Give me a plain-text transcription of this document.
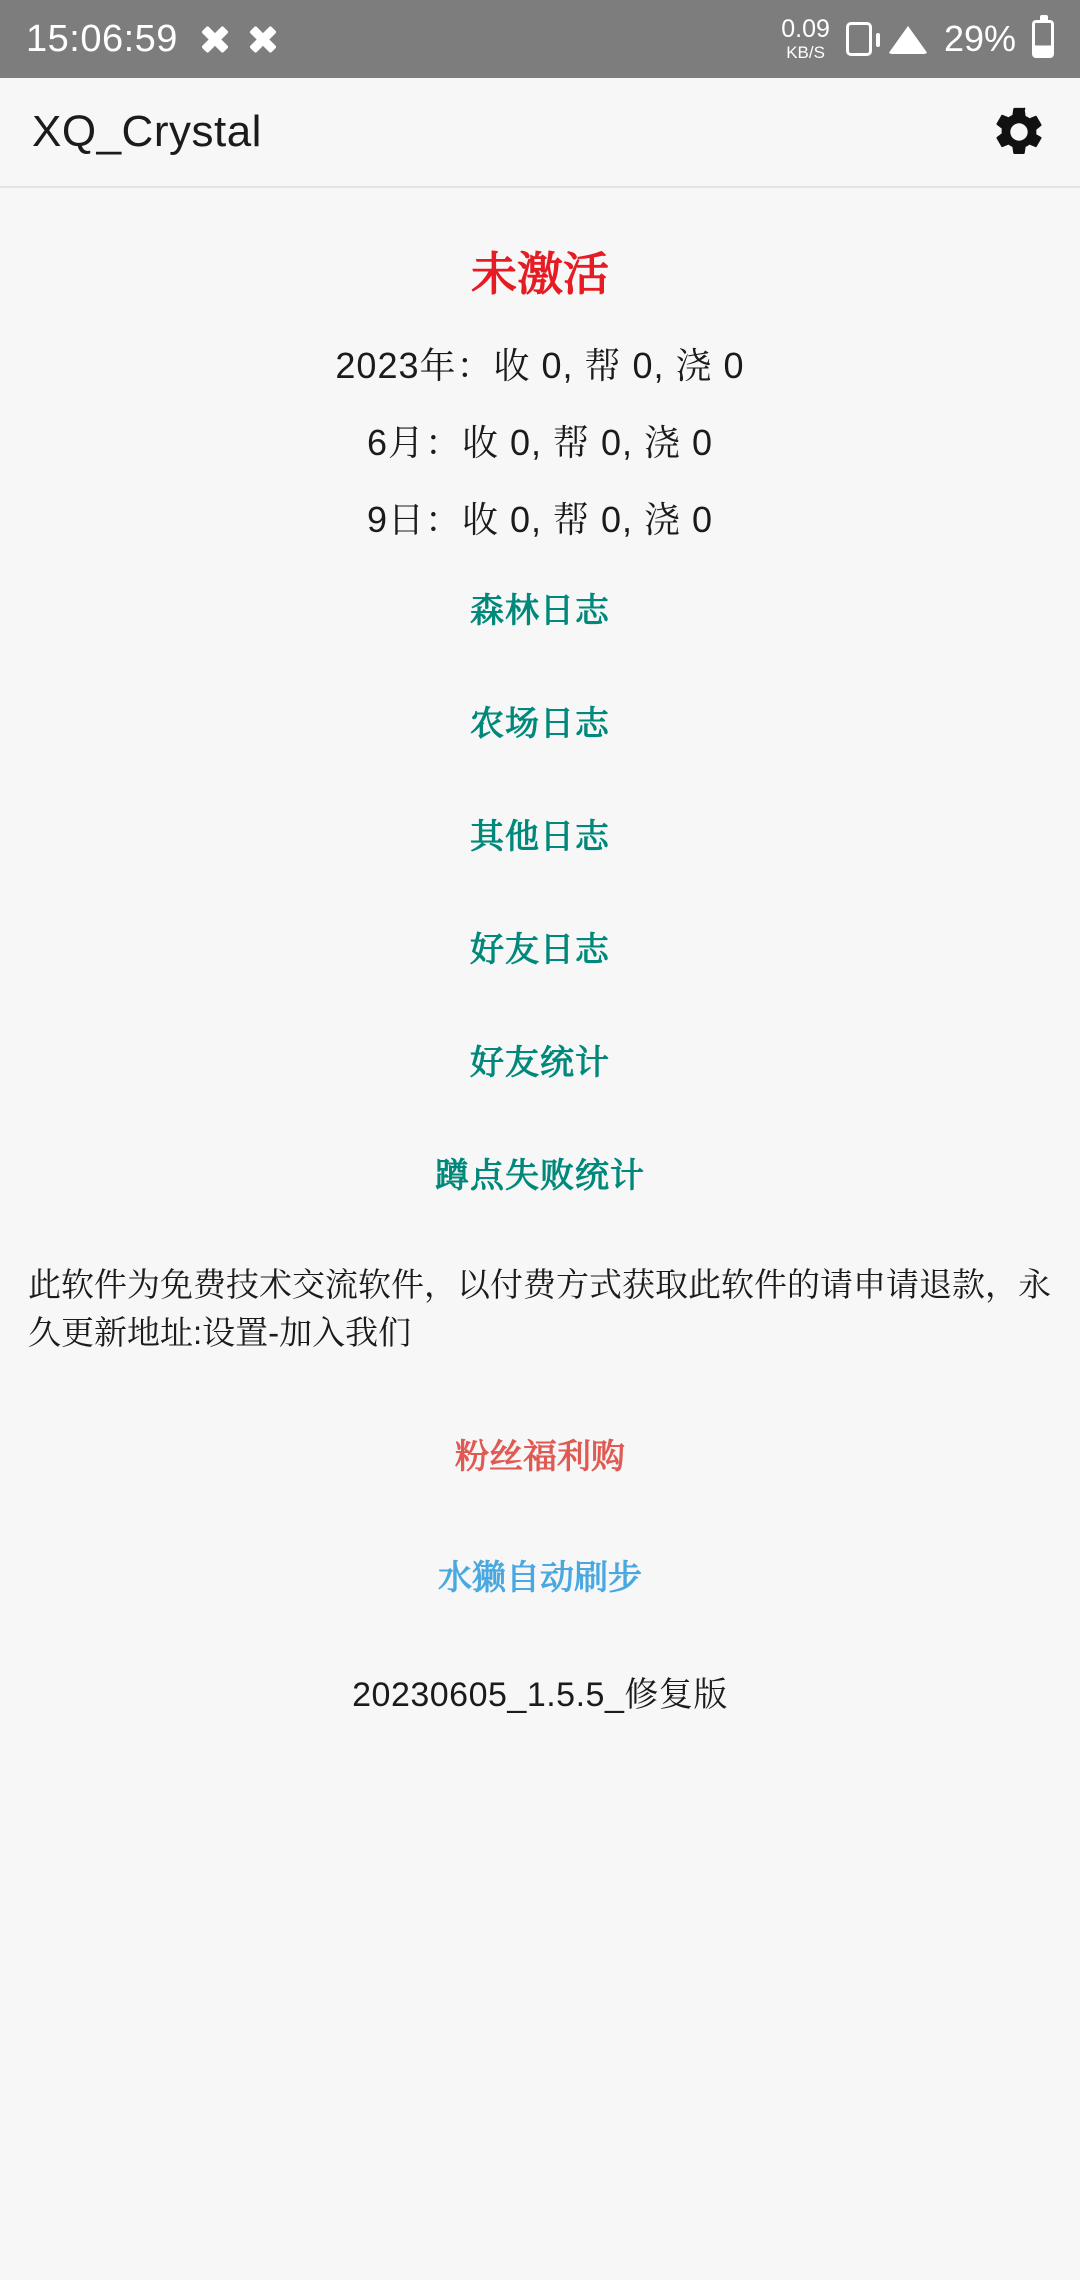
15:06:59	0.09
KB/S	29%
XQ_Crystal
未激活
2023年：收 0, 帮 0, 浇 0
6月：收 0, 帮 0, 浇 0
9日：收 0, 帮 0, 浇 0
森林日志
农场日志
其他日志
好友日志
好友统计
蹲点失败统计
此软件为免费技术交流软件，以付费方式获取此软件的请申请退款，永久更新地址:设置-加入我们
粉丝福利购
水獭自动刷步
20230605_1.5.5_修复版
